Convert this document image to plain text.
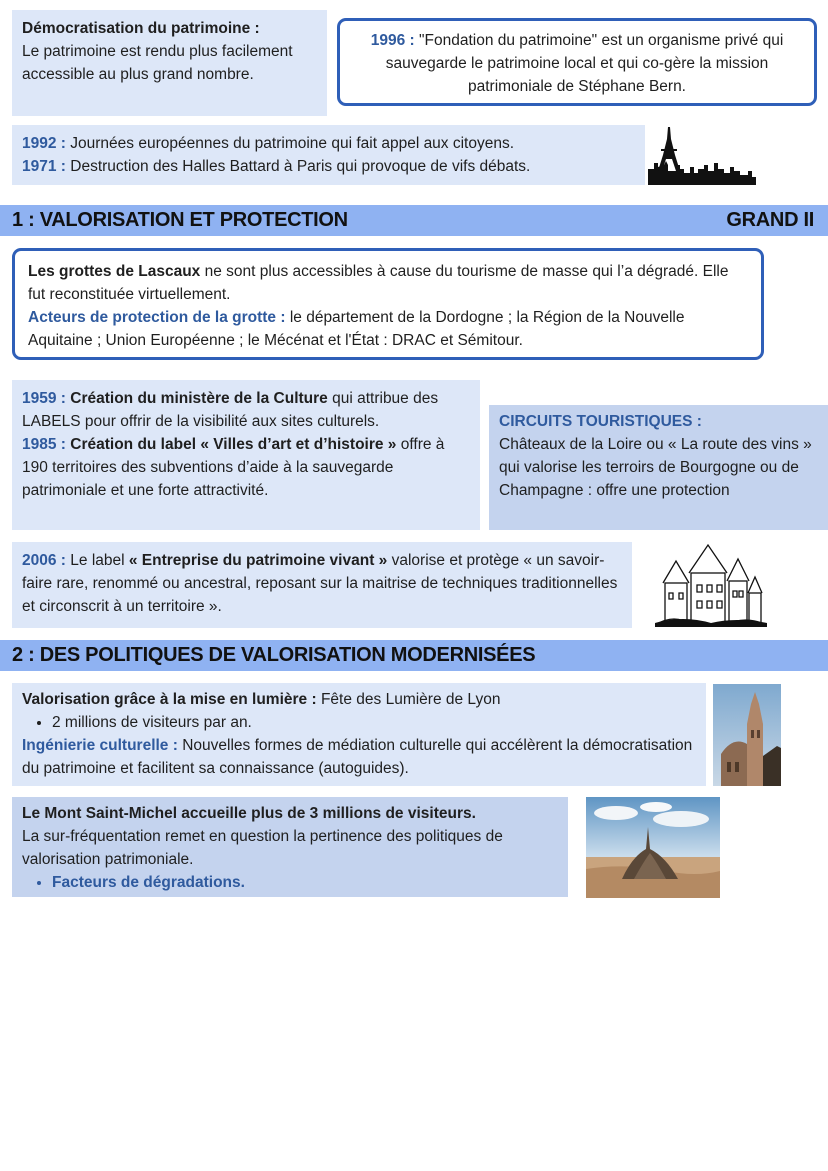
Démocratisation du patrimoine :

Le patrimoine est rendu plus facilement accessible au plus grand nombre.

1996 : "Fondation du patrimoine" est un organisme privé qui sauvegarde le patrimoine local et qui co-gère la mission patrimoniale de Stéphane Bern.

1992 : Journées européennes du patrimoine qui fait appel aux citoyens.

1971 : Destruction des Halles Battard à Paris qui provoque de vifs débats.

1 : VALORISATION ET PROTECTION	GRAND II

Les grottes de Lascaux ne sont plus accessibles à cause du tourisme de masse qui l’a dégradé. Elle fut reconstituée virtuellement.

Acteurs de protection de la grotte : le département de la Dordogne ; la Région de la Nouvelle Aquitaine ; Union Européenne ; le Mécénat et l'État : DRAC et Sémitour.

1959 : Création du ministère de la Culture qui attribue des LABELS pour offrir de la visibilité aux sites culturels.

1985 : Création du label « Villes d’art et d’histoire » offre à 190 territoires des subventions d’aide à la sauvegarde patrimoniale et une forte attractivité.

CIRCUITS TOURISTIQUES :

Châteaux de la Loire ou « La route des vins » qui valorise les terroirs de Bourgogne ou de Champagne : offre une protection

2006 : Le label « Entreprise du patrimoine vivant » valorise et protège « un savoir-faire rare, renommé ou ancestral, reposant sur la maitrise de techniques traditionnelles et circonscrit à un territoire ».
2 : DES POLITIQUES DE VALORISATION MODERNISÉES

Valorisation grâce à la mise en lumière : Fête des Lumière de Lyon

• 2 millions de visiteurs par an.

Ingénierie culturelle : Nouvelles formes de médiation culturelle qui accélèrent la démocratisation du patrimoine et facilitent sa connaissance (autoguides).

Le Mont Saint-Michel accueille plus de 3 millions de visiteurs.

La sur-fréquentation remet en question la pertinence des politiques de valorisation patrimoniale.

• Facteurs de dégradations.
